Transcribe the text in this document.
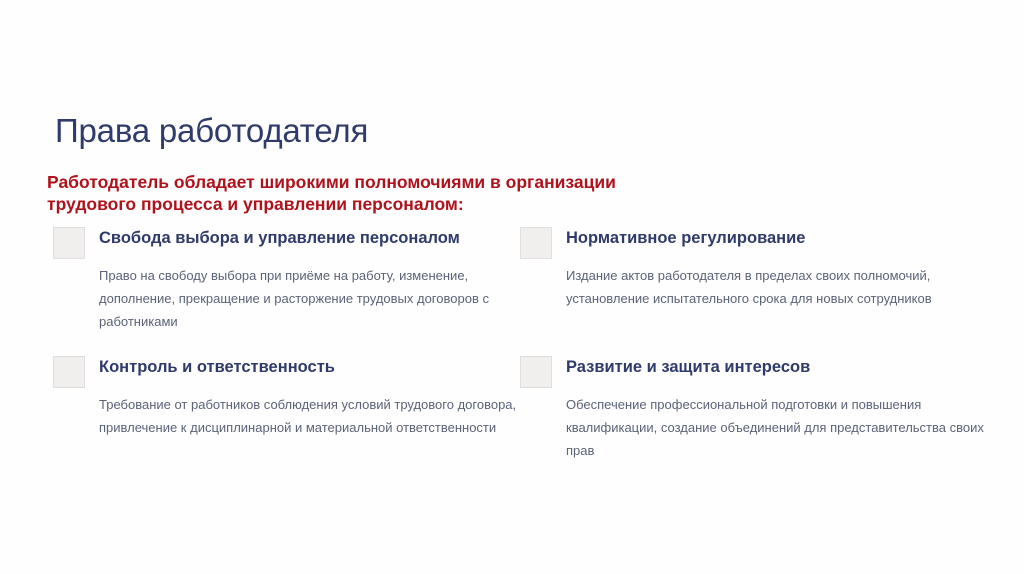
Права работодателя
Работодатель обладает широкими полномочиями в организации трудового процесса и управлении персоналом:
Свобода выбора и управление персоналом
Право на свободу выбора при приёме на работу, изменение, дополнение, прекращение и расторжение трудовых договоров с работниками
Нормативное регулирование
Издание актов работодателя в пределах своих полномочий, установление испытательного срока для новых сотрудников
Контроль и ответственность
Требование от работников соблюдения условий трудового договора, привлечение к дисциплинарной и материальной ответственности
Развитие и защита интересов
Обеспечение профессиональной подготовки и повышения квалификации, создание объединений для представительства своих прав
